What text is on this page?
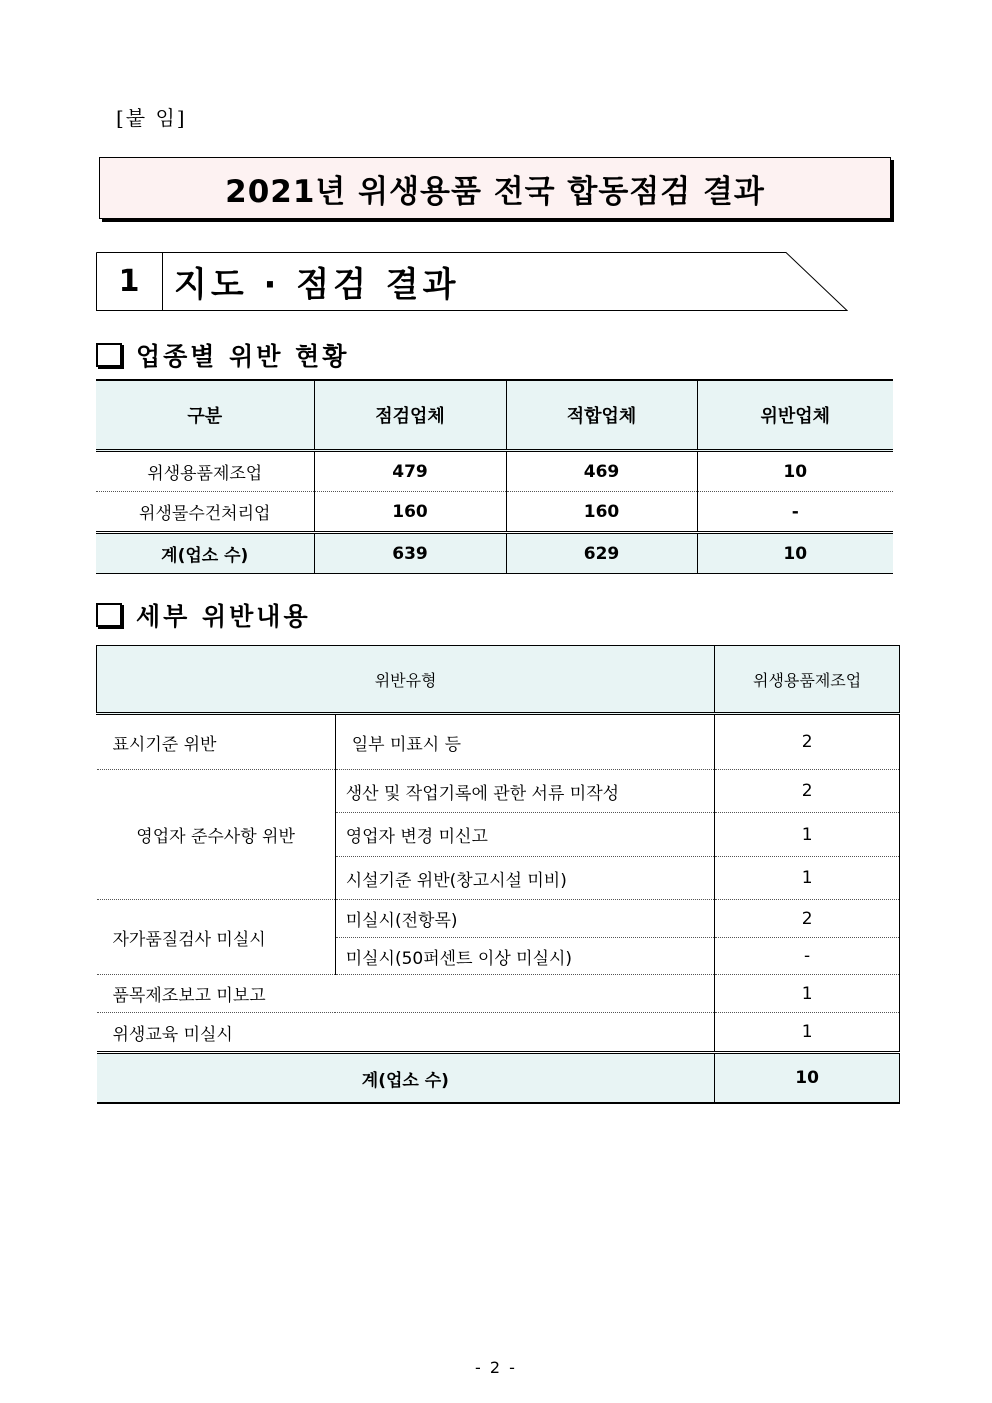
[붙 임]
2021년 위생용품 전국 합동점검 결과
1	지도 · 점검 결과
업종별 위반 현황
구분	점검업체	적합업체	위반업체
위생용품제조업	479	469	10
위생물수건처리업	160	160	-
계(업소 수)	639	629	10
세부 위반내용
위반유형		위생용품제조업
표시기준 위반	일부 미표시 등	2
영업자 준수사항 위반	생산 및 작업기록에 관한 서류 미작성	2
	영업자 변경 미신고	1
	시설기준 위반(창고시설 미비)	1
자가품질검사 미실시	미실시(전항목)	2
	미실시(50퍼센트 이상 미실시)	-
품목제조보고 미보고		1
위생교육 미실시		1
계(업소 수)		10
- 2 -
